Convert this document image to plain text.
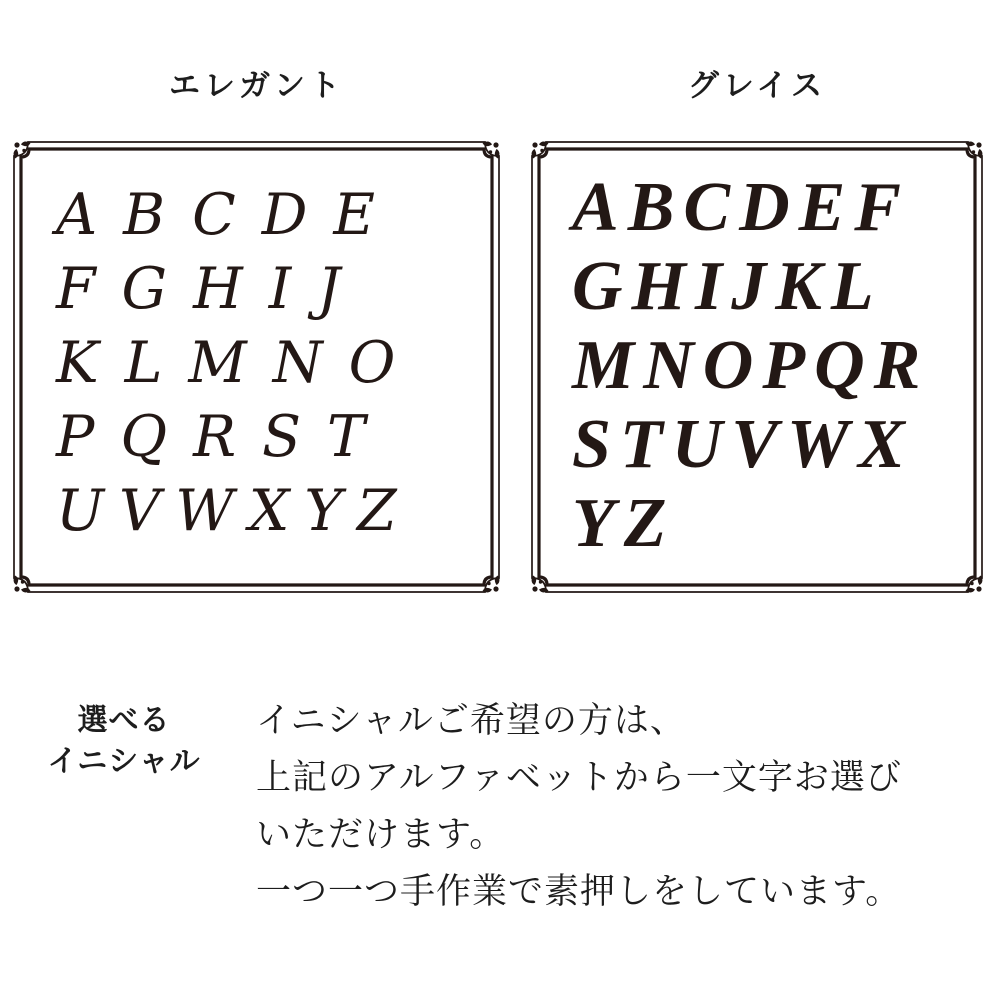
エレガント	グレイス
ABCDE
FGHIJ
KLMNO
PQRST
UVWXYZ
ABCDEF
GHIJKL
MNOPQR
STUVWX
YZ
選べる
イニシャル
イニシャルご希望の方は、
上記のアルファベットから一文字お選び
いただけます。
一つ一つ手作業で素押しをしています。
